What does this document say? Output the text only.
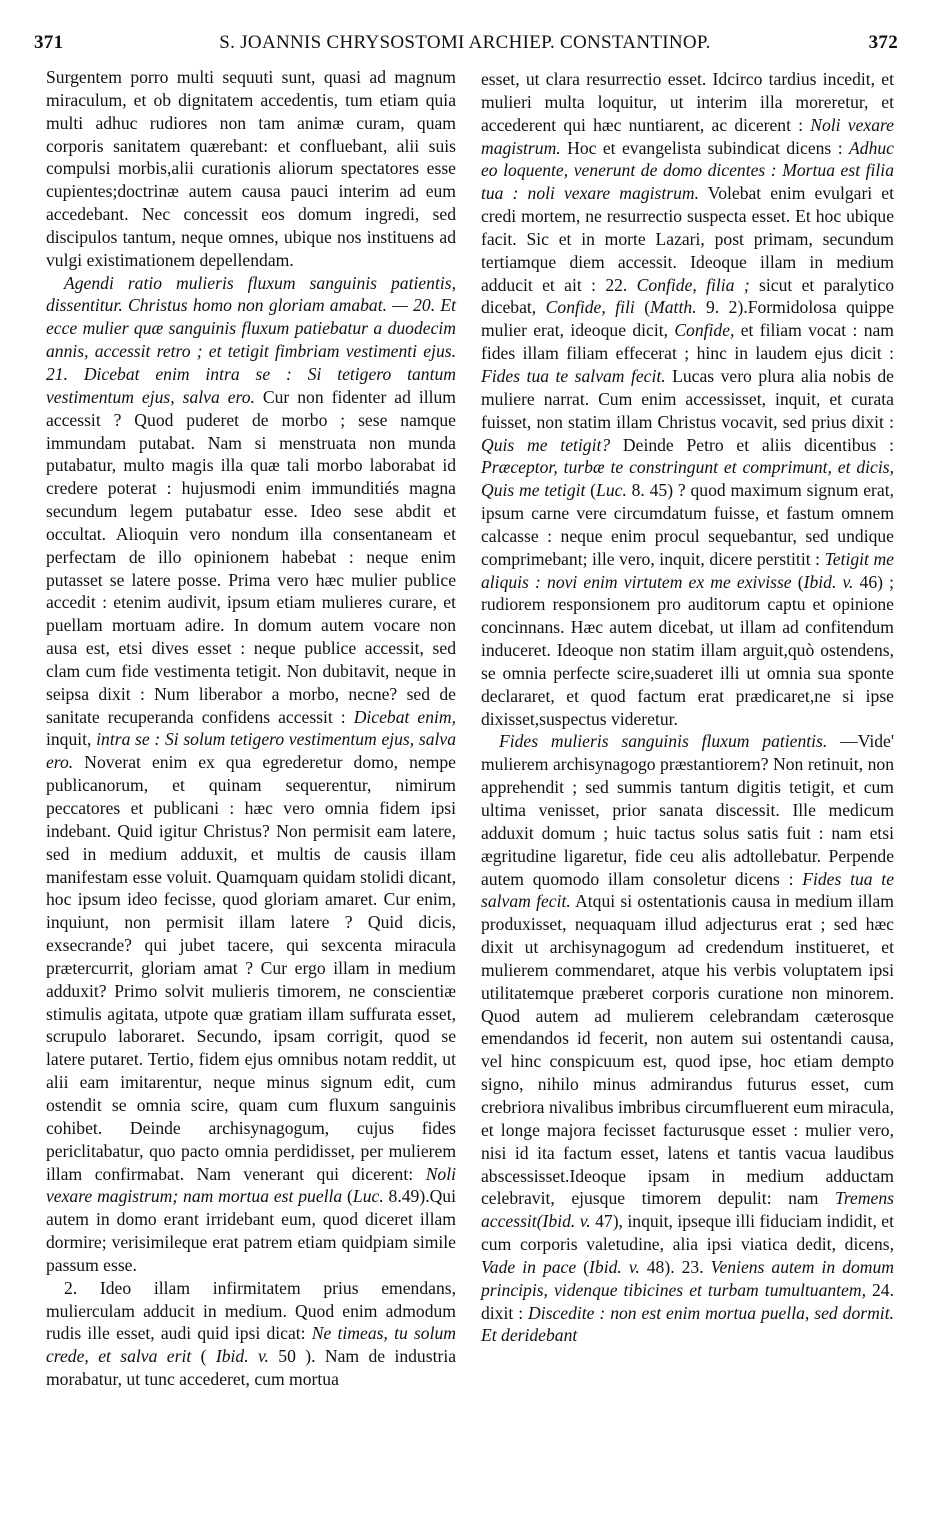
371	S. JOANNIS CHRYSOSTOMI ARCHIEP. CONSTANTINOP.	372

Surgentem porro multi sequuti sunt, quasi ad magnum miraculum, et ob dignitatem accedentis, tum etiam quia multi adhuc rudiores non tam animæ curam, quam corporis sanitatem quærebant: et confluebant, alii suis compulsi morbis,alii curationis aliorum spectatores esse cupientes;doctrinæ autem causa pauci interim ad eum accedebant. Nec concessit eos domum ingredi, sed discipulos tantum, neque omnes, ubique nos instituens ad vulgi existimationem depellendam.

Agendi ratio mulieris fluxum sanguinis patientis, dissentitur. Christus homo non gloriam amabat. — 20. Et ecce mulier quæ sanguinis fluxum patiebatur a duodecim annis, accessit retro ; et tetigit fimbriam vestimenti ejus. 21. Dicebat enim intra se : Si tetigero tantum vestimentum ejus, salva ero. Cur non fidenter ad illum accessit ? Quod puderet de morbo ; sese namque immundam putabat. Nam si menstruata non munda putabatur, multo magis illa quæ tali morbo laborabat id credere poterat : hujusmodi enim immunditiés magna secundum legem putabatur esse. Ideo sese abdit et occultat. Alioquin vero nondum illa consentaneam et perfectam de illo opinionem habebat : neque enim putasset se latere posse. Prima vero hæc mulier publice accedit : etenim audivit, ipsum etiam mulieres curare, et puellam mortuam adire. In domum autem vocare non ausa est, etsi dives esset : neque publice accessit, sed clam cum fide vestimenta tetigit. Non dubitavit, neque in seipsa dixit : Num liberabor a morbo, necne? sed de sanitate recuperanda confidens accessit : Dicebat enim, inquit, intra se : Si solum tetigero vestimentum ejus, salva ero. Noverat enim ex qua egrederetur domo, nempe publicanorum, et quinam sequerentur, nimirum peccatores et publicani : hæc vero omnia fidem ipsi indebant. Quid igitur Christus? Non permisit eam latere, sed in medium adduxit, et multis de causis illam manifestam esse voluit. Quamquam quidam stolidi dicant, hoc ipsum ideo fecisse, quod gloriam amaret. Cur enim, inquiunt, non permisit illam latere ? Quid dicis, exsecrande? qui jubet tacere, qui sexcenta miracula prætercurrit, gloriam amat ? Cur ergo illam in medium adduxit? Primo solvit mulieris timorem, ne conscientiæ stimulis agitata, utpote quæ gratiam illam suffurata esset, scrupulo laboraret. Secundo, ipsam corrigit, quod se latere putaret. Tertio, fidem ejus omnibus notam reddit, ut alii eam imitarentur, neque minus signum edit, cum ostendit se omnia scire, quam cum fluxum sanguinis cohibet. Deinde archisynagogum, cujus fides periclitabatur, quo pacto omnia perdidisset, per mulierem illam confirmabat. Nam venerant qui dicerent: Noli vexare magistrum; nam mortua est puella (Luc. 8.49).Qui autem in domo erant irridebant eum, quod diceret illam dormire; verisimileque erat patrem etiam quidpiam simile passum esse.

2. Ideo illam infirmitatem prius emendans, mulierculam adducit in medium. Quod enim admodum rudis ille esset, audi quid ipsi dicat: Ne timeas, tu solum crede, et salva erit ( Ibid. v. 50 ). Nam de industria morabatur, ut tunc accederet, cum mortua

esset, ut clara resurrectio esset. Idcirco tardius incedit, et mulieri multa loquitur, ut interim illa moreretur, et accederent qui hæc nuntiarent, ac dicerent : Noli vexare magistrum. Hoc et evangelista subindicat dicens : Adhuc eo loquente, venerunt de domo dicentes : Mortua est filia tua : noli vexare magistrum. Volebat enim evulgari et credi mortem, ne resurrectio suspecta esset. Et hoc ubique facit. Sic et in morte Lazari, post primam, secundum tertiamque diem accessit. Ideoque illam in medium adducit et ait : 22. Confide, filia ; sicut et paralytico dicebat, Confide, fili (Matth. 9. 2).Formidolosa quippe mulier erat, ideoque dicit, Confide, et filiam vocat : nam fides illam filiam effecerat ; hinc in laudem ejus dicit : Fides tua te salvam fecit. Lucas vero plura alia nobis de muliere narrat. Cum enim accessisset, inquit, et curata fuisset, non statim illam Christus vocavit, sed prius dixit : Quis me tetigit? Deinde Petro et aliis dicentibus : Præceptor, turbæ te constringunt et comprimunt, et dicis, Quis me tetigit (Luc. 8. 45) ? quod maximum signum erat, ipsum carne vere circumdatum fuisse, et fastum omnem calcasse : neque enim procul sequebantur, sed undique comprimebant; ille vero, inquit, dicere perstitit : Tetigit me aliquis : novi enim virtutem ex me exivisse (Ibid. v. 46) ; rudiorem responsionem pro auditorum captu et opinione concinnans. Hæc autem dicebat, ut illam ad confitendum induceret. Ideoque non statim illam arguit,quò ostendens, se omnia perfecte scire,suaderet illi ut omnia sua sponte declararet, et quod factum erat prædicaret,ne si ipse dixisset,suspectus videretur.

Fides mulieris sanguinis fluxum patientis. —Vide' mulierem archisynagogo præstantiorem? Non retinuit, non apprehendit ; sed summis tantum digitis tetigit, et cum ultima venisset, prior sanata discessit. Ille medicum adduxit domum ; huic tactus solus satis fuit : nam etsi ægritudine ligaretur, fide ceu alis adtollebatur. Perpende autem quomodo illam consoletur dicens : Fides tua te salvam fecit. Atqui si ostentationis causa in medium illam produxisset, nequaquam illud adjecturus erat ; sed hæc dixit ut archisynagogum ad credendum institueret, et mulierem commendaret, atque his verbis voluptatem ipsi utilitatemque præberet corporis curatione non minorem. Quod autem ad mulierem celebrandam cæterosque emendandos id fecerit, non autem sui ostentandi causa, vel hinc conspicuum est, quod ipse, hoc etiam dempto signo, nihilo minus admirandus futurus esset, cum crebriora nivalibus imbribus circumfluerent eum miracula, et longe majora fecisset facturusque esset : mulier vero, nisi id ita factum esset, latens et tantis vacua laudibus abscessisset.Ideoque ipsam in medium adductam celebravit, ejusque timorem depulit: nam Tremens accessit(Ibid. v. 47), inquit, ipseque illi fiduciam indidit, et cum corporis valetudine, alia ipsi viatica dedit, dicens, Vade in pace (Ibid. v. 48). 23. Veniens autem in domum principis, videnque tibicines et turbam tumultuantem, 24. dixit : Discedite : non est enim mortua puella, sed dormit. Et deridebant
